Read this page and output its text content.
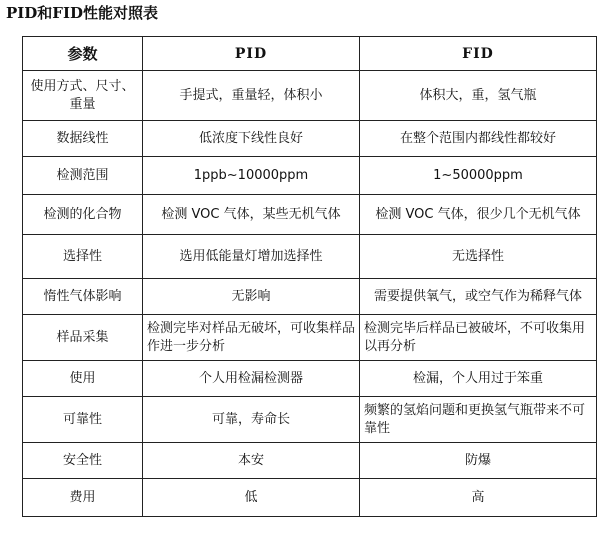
PID和FID性能对照表
参数	PID	FID
使用方式、尺寸、重量	手提式，重量轻，体积小	体积大，重，氢气瓶
数据线性	低浓度下线性良好	在整个范围内都线性都较好
检测范围	1ppb~10000ppm	1~50000ppm
检测的化合物	检测 VOC 气体，某些无机气体	检测 VOC 气体，很少几个无机气体
选择性	选用低能量灯增加选择性	无选择性
惰性气体影响	无影响	需要提供氧气，或空气作为稀释气体
样品采集	检测完毕对样品无破坏，可收集样品作进一步分析	检测完毕后样品已被破坏，不可收集用以再分析
使用	个人用检漏检测器	检漏，个人用过于笨重
可靠性	可靠，寿命长	频繁的氢焰问题和更换氢气瓶带来不可靠性
安全性	本安	防爆
费用	低	高
